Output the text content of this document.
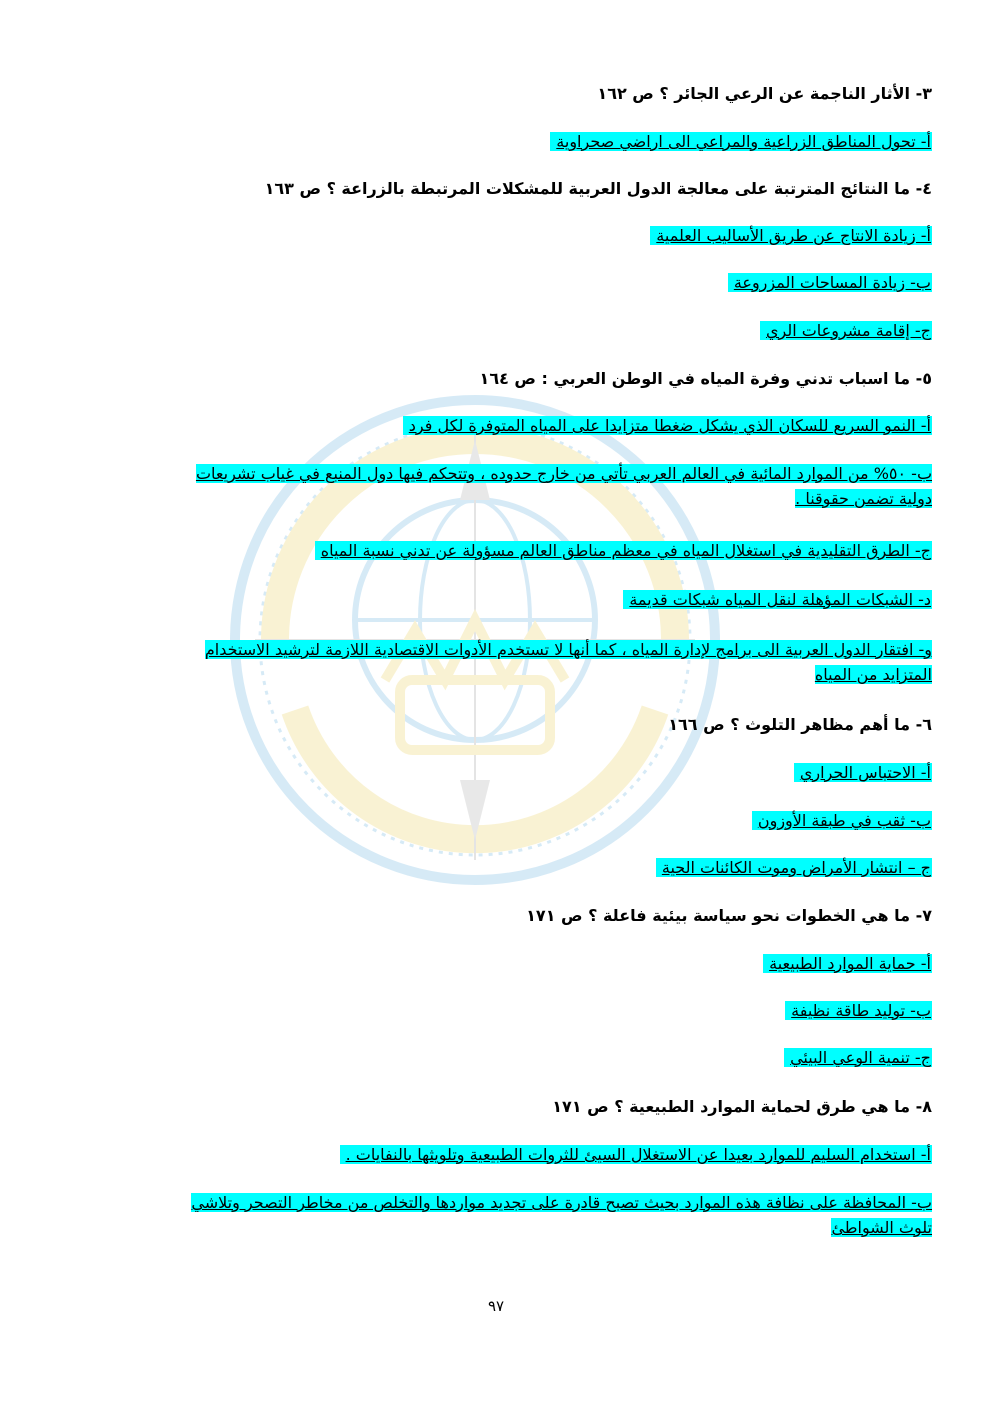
٣- الأثار الناجمة عن الرعي الجائر ؟ ص ١٦٢
أ- تحول المناطق الزراعية والمراعي الى اراضي صحراوية
٤- ما النتائج المترتبة على معالجة الدول العربية للمشكلات المرتبطة بالزراعة ؟ ص ١٦٣
أ- زيادة الانتاج عن طريق الأساليب العلمية
ب- زيادة المساحات المزروعة
ج- إقامة مشروعات الري
٥- ما اسباب تدني وفرة المياه في الوطن العربي : ص ١٦٤
أ- النمو السريع للسكان الذي يشكل ضغطا متزايدا على المياه المتوفرة لكل فرد
ب- ٥٠% من الموارد المائية في العالم العربي تأتي من خارج حدوده ، وتتحكم فيها دول المنبع في غياب تشريعات دولية تضمن حقوقنا .
ج- الطرق التقليدية في استغلال المياه في معظم مناطق العالم مسؤولة عن تدني نسبة المياه
د- الشبكات المؤهلة لنقل المياه شبكات قديمة
و- افتقار الدول العربية الى برامج لإدارة المياه ، كما أنها لا تستخدم الأدوات الاقتصادية اللازمة لترشيد الاستخدام المتزايد من المياه
٦- ما أهم مظاهر التلوث ؟ ص ١٦٦
أ- الاحتباس الحراري
ب- ثقب في طبقة الأوزون
ج – انتشار الأمراض وموت الكائنات الحية
٧- ما هي الخطوات نحو سياسة بيئية فاعلة ؟ ص ١٧١
أ- حماية الموارد الطبيعية
ب- توليد طاقة نظيفة
ج- تنمية الوعي البيئي
٨- ما هي طرق لحماية الموارد الطبيعية ؟ ص ١٧١
أ- استخدام السليم للموارد بعيدا عن الاستغلال السيئ للثروات الطبيعية وتلويثها بالنفايات .
ب- المحافظة على نظافة هذه الموارد بحيث تصبح قادرة على تجديد مواردها والتخلص من مخاطر التصحر وتلاشي تلوث الشواطئ
٩٧
